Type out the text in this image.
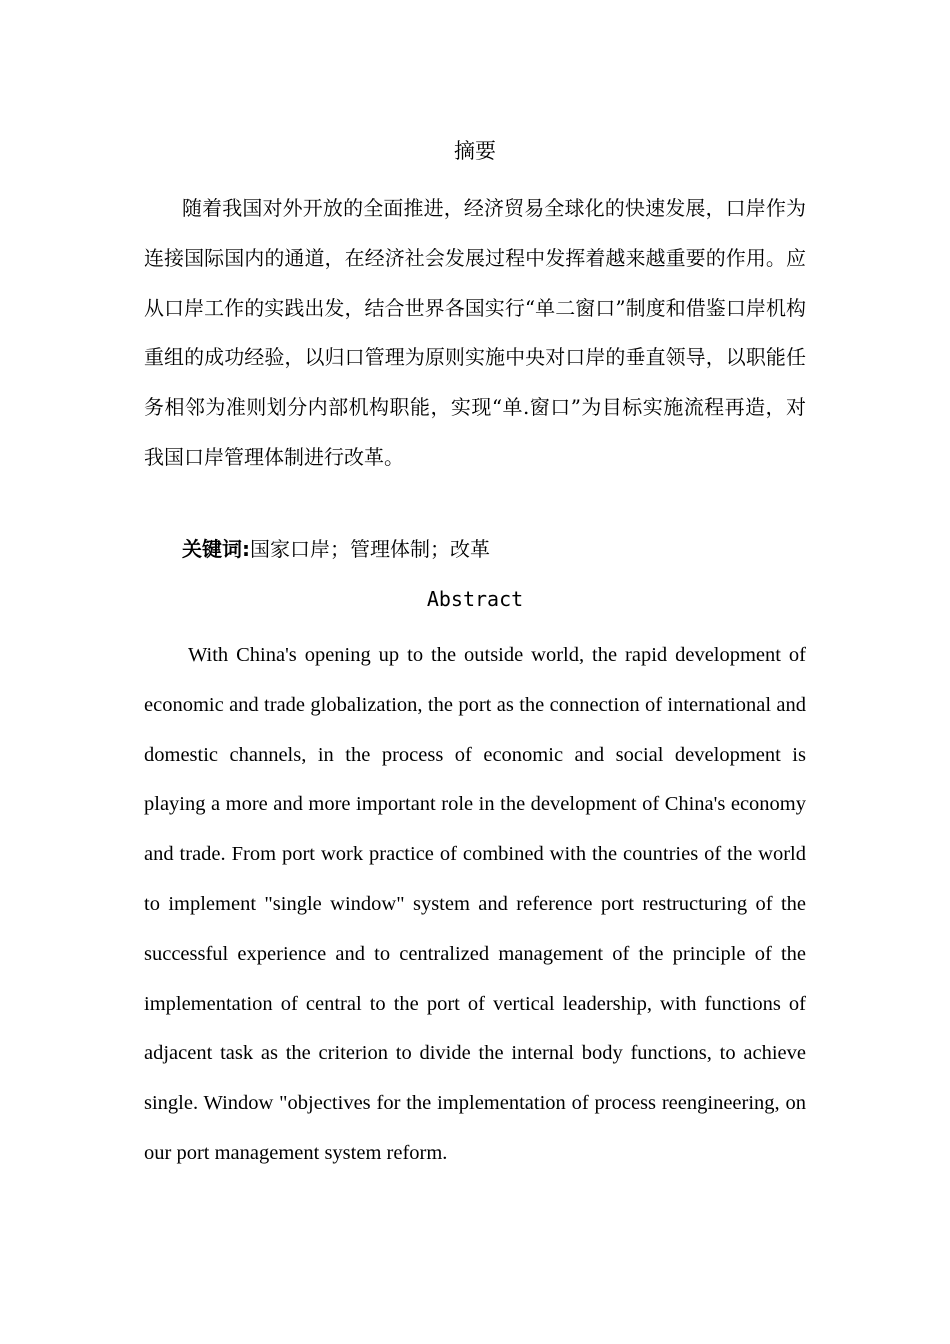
摘要

随着我国对外开放的全面推进，经济贸易全球化的快速发展，口岸作为连接国际国内的通道，在经济社会发展过程中发挥着越来越重要的作用。应从口岸工作的实践出发，结合世界各国实行“单二窗口”制度和借鉴口岸机构重组的成功经验，以归口管理为原则实施中央对口岸的垂直领导，以职能任务相邻为准则划分内部机构职能，实现“单.窗口”为目标实施流程再造，对我国口岸管理体制进行改革。

关键词:国家口岸；管理体制；改革
Abstract

With China's opening up to the outside world, the rapid development of economic and trade globalization, the port as the connection of international and domestic channels, in the process of economic and social development is playing a more and more important role in the development of China's economy and trade. From port work practice of combined with the countries of the world to implement "single window" system and reference port restructuring of the successful experience and to centralized management of the principle of the implementation of central to the port of vertical leadership, with functions of adjacent task as the criterion to divide the internal body functions, to achieve single. Window "objectives for the implementation of process reengineering, on our port management system reform.
